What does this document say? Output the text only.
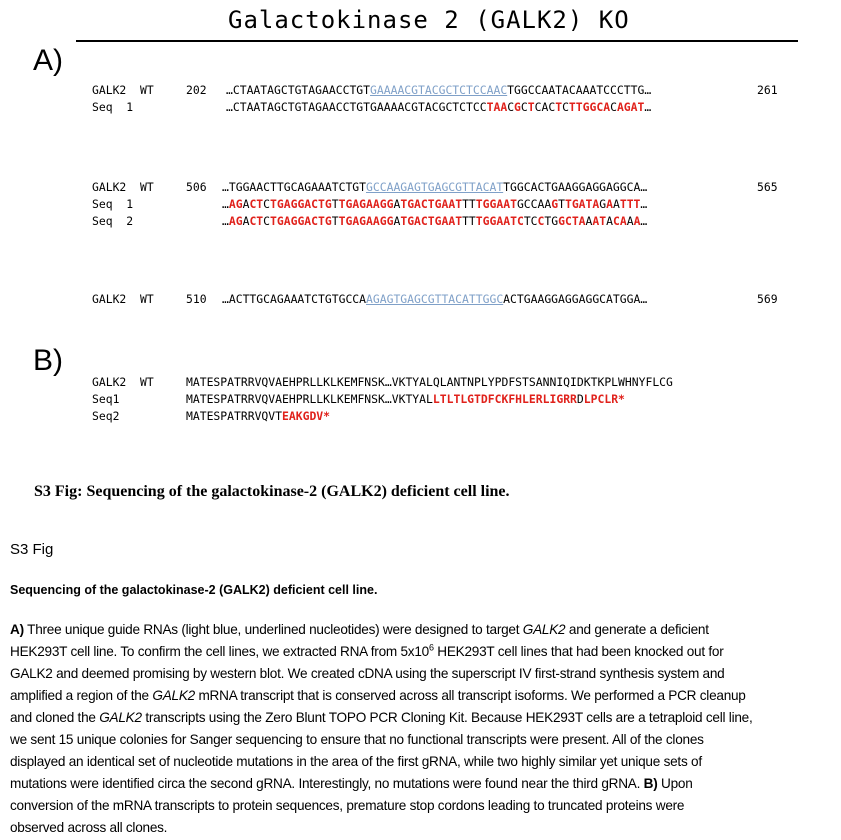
Galactokinase 2 (GALK2) KO
A)
GALK2  WT	202 …CTAATAGCTGTAGAACCTGTGAAAACGTACGCTCTCCAACTGGCCAATACAAATCCCTTG…	261
Seq  1	…CTAATAGCTGTAGAACCTGTGAAAACGTACGCTCTCCTAACGCTCACTCTTGGCACAGAT…
GALK2  WT	506 …TGGAACTTGCAGAAATCTGTGCCAAGAGTGAGCGTTACATTGGCACTGAAGGAGGAGGCA…	565
Seq  1	…AGACTCTGAGGACTGTTGAGAAGGATGACTGAATTTTGGAATGCCAAGTTGATAGAATTT…
Seq  2	…AGACTCTGAGGACTGTTGAGAAGGATGACTGAATTTTGGAATCTCCTGGCTAAATACAAA…
GALK2  WT	510 …ACTTGCAGAAATCTGTGCCAAGAGTGAGCGTTACATTGGCACTGAAGGAGGAGGCATGGA…	569
B)
GALK2  WT	MATESPATRRVQVAEHPRLLKLKEMFNSK…VKTYALQLANTNPLYPDFSTSANNIQIDKTKPLWHNYFLCG
Seq1	MATESPATRRVQVAEHPRLLKLKEMFNSK…VKTYALLTLTLGTDFCKFHLERLIGRRDLPCLR*
Seq2	MATESPATRRVQVTEAKGDV*
S3 Fig: Sequencing of the galactokinase-2 (GALK2) deficient cell line.
S3 Fig
Sequencing of the galactokinase-2 (GALK2) deficient cell line.
A) Three unique guide RNAs (light blue, underlined nucleotides) were designed to target GALK2 and generate a deficient
HEK293T cell line. To confirm the cell lines, we extracted RNA from $5x10^6$ HEK293T cell lines that had been knocked out for
GALK2 and deemed promising by western blot. We created cDNA using the superscript IV first-strand synthesis system and
amplified a region of the GALK2 mRNA transcript that is conserved across all transcript isoforms. We performed a PCR cleanup
and cloned the GALK2 transcripts using the Zero Blunt TOPO PCR Cloning Kit. Because HEK293T cells are a tetraploid cell line,
we sent 15 unique colonies for Sanger sequencing to ensure that no functional transcripts were present. All of the clones
displayed an identical set of nucleotide mutations in the area of the first gRNA, while two highly similar yet unique sets of
mutations were identified circa the second gRNA. Interestingly, no mutations were found near the third gRNA. B) Upon
conversion of the mRNA transcripts to protein sequences, premature stop cordons leading to truncated proteins were
observed across all clones.
